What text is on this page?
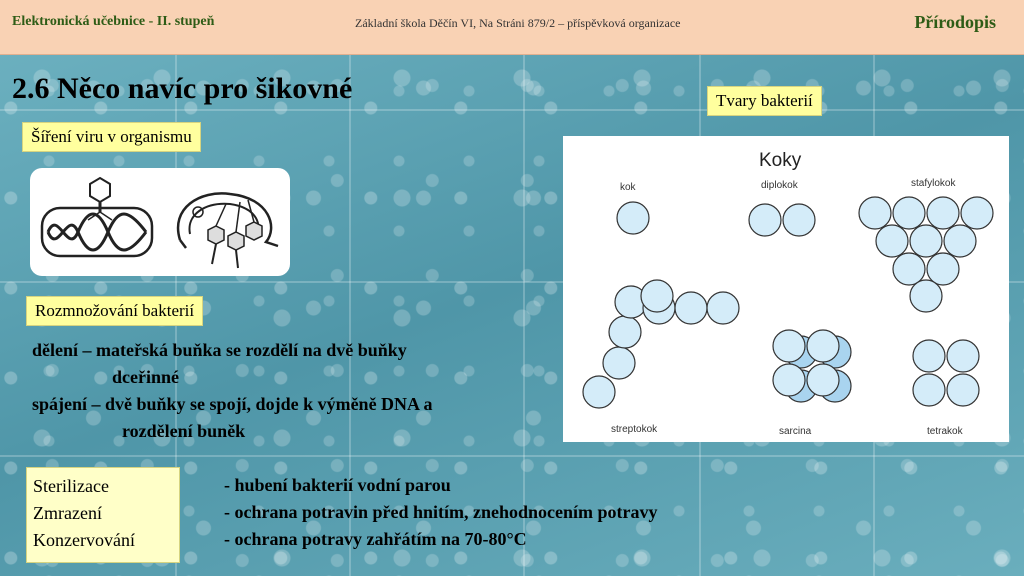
Elektronická učebnice - II. stupeň	Základní škola Děčín VI, Na Stráni 879/2 – příspěvková organizace	Přírodopis
2.6 Něco navíc pro šikovné
Šíření viru v organismu
Rozmnožování bakterií
dělení – mateřská buňka se rozdělí na dvě buňky
dceřinné
spájení – dvě buňky se spojí, dojde k výměně DNA a
rozdělení buněk
Tvary bakterií
Koky
kok	diplokok	stafylokok
streptokok	sarcina	tetrakok
Sterilizace
Zmrazení
Konzervování
- hubení bakterií vodní parou
- ochrana potravin před hnitím, znehodnocením potravy
- ochrana potravy zahřátím na 70-80°C
